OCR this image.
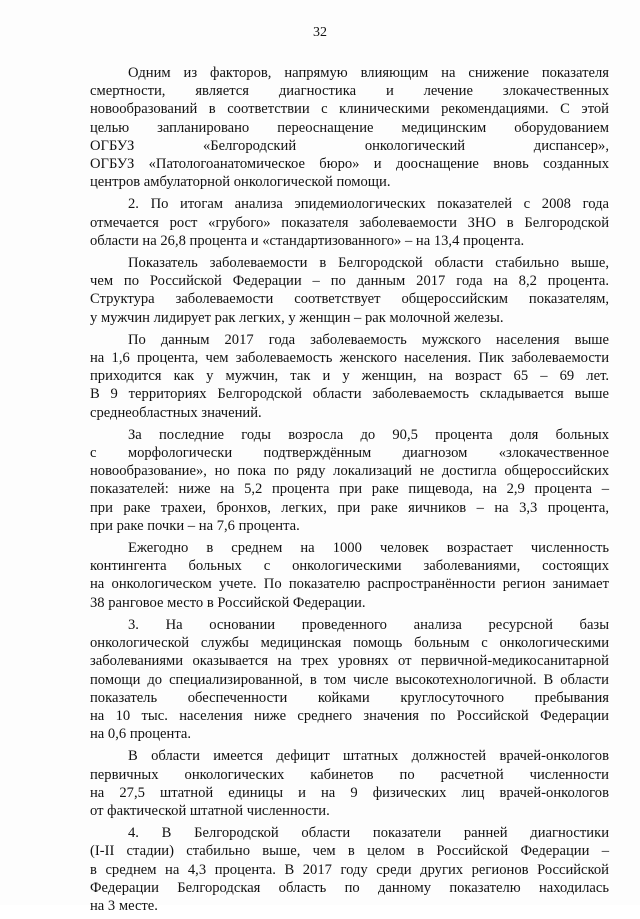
32
Одним из факторов, напрямую влияющим на снижение показателя
смертности, является диагностика и лечение злокачественных
новообразований в соответствии с клиническими рекомендациями. С этой
целью запланировано переоснащение медицинским оборудованием
ОГБУЗ «Белгородский онкологический диспансер»,
ОГБУЗ «Патологоанатомическое бюро» и дооснащение вновь созданных
центров амбулаторной онкологической помощи.
2. По итогам анализа эпидемиологических показателей с 2008 года
отмечается рост «грубого» показателя заболеваемости ЗНО в Белгородской
области на 26,8 процента и «стандартизованного» – на 13,4 процента.
Показатель заболеваемости в Белгородской области стабильно выше,
чем по Российской Федерации – по данным 2017 года на 8,2 процента.
Структура заболеваемости соответствует общероссийским показателям,
у мужчин лидирует рак легких, у женщин – рак молочной железы.
По данным 2017 года заболеваемость мужского населения выше
на 1,6 процента, чем заболеваемость женского населения. Пик заболеваемости
приходится как у мужчин, так и у женщин, на возраст 65 – 69 лет.
В 9 территориях Белгородской области заболеваемость складывается выше
среднеобластных значений.
За последние годы возросла до 90,5 процента доля больных
с морфологически подтверждённым диагнозом «злокачественное
новообразование», но пока по ряду локализаций не достигла общероссийских
показателей: ниже на 5,2 процента при раке пищевода, на 2,9 процента –
при раке трахеи, бронхов, легких, при раке яичников – на 3,3 процента,
при раке почки – на 7,6 процента.
Ежегодно в среднем на 1000 человек возрастает численность
контингента больных с онкологическими заболеваниями, состоящих
на онкологическом учете. По показателю распространённости регион занимает
38 ранговое место в Российской Федерации.
3. На основании проведенного анализа ресурсной базы
онкологической службы медицинская помощь больным с онкологическими
заболеваниями оказывается на трех уровнях от первичной-медикосанитарной
помощи до специализированной, в том числе высокотехнологичной. В области
показатель обеспеченности койками круглосуточного пребывания
на 10 тыс. населения ниже среднего значения по Российской Федерации
на 0,6 процента.
В области имеется дефицит штатных должностей врачей-онкологов
первичных онкологических кабинетов по расчетной численности
на 27,5 штатной единицы и на 9 физических лиц врачей-онкологов
от фактической штатной численности.
4. В Белгородской области показатели ранней диагностики
(I-II стадии) стабильно выше, чем в целом в Российской Федерации –
в среднем на 4,3 процента. В 2017 году среди других регионов Российской
Федерации Белгородская область по данному показателю находилась
на 3 месте.
